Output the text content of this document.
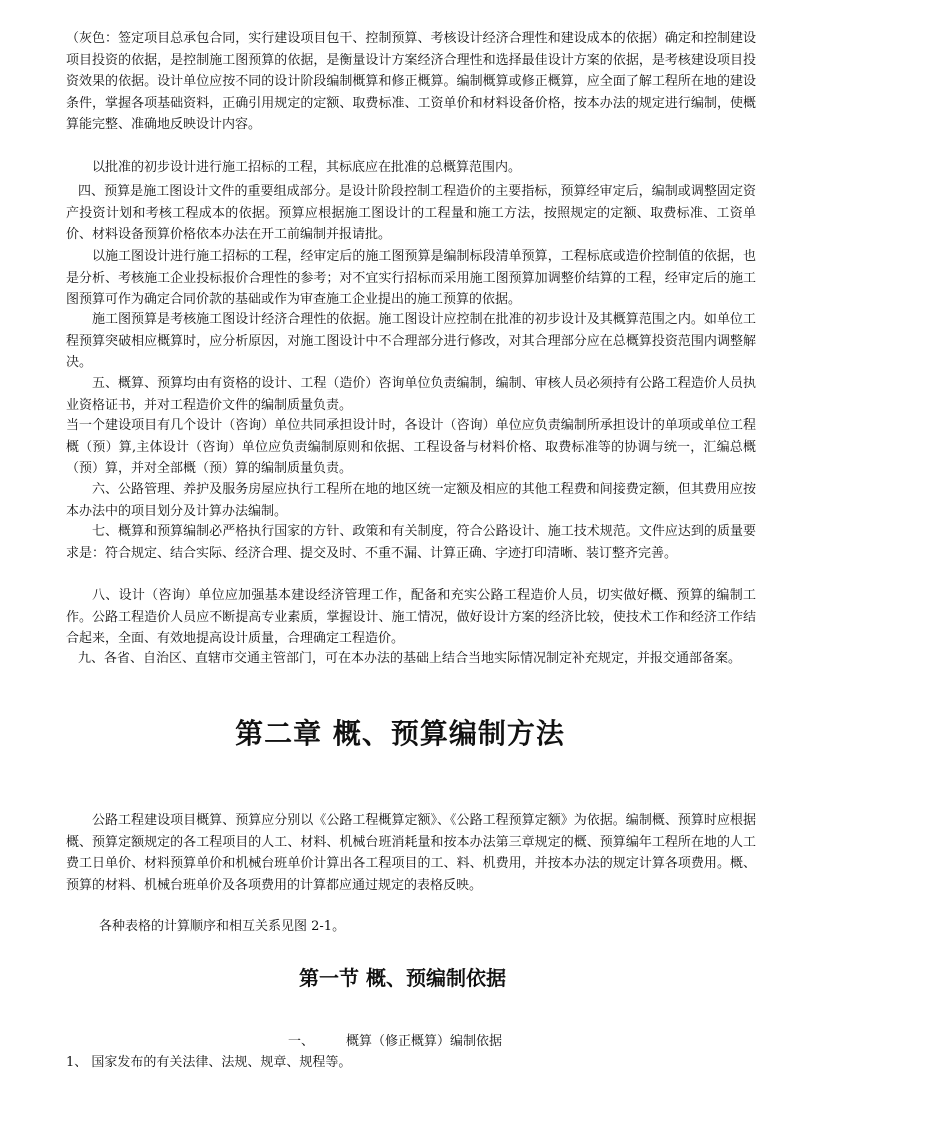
（灰色：签定项目总承包合同，实行建设项目包干、控制预算、考核设计经济合理性和建设成本的依据）确定和控制建设项目投资的依据，是控制施工图预算的依据，是衡量设计方案经济合理性和选择最佳设计方案的依据，是考核建设项目投资效果的依据。设计单位应按不同的设计阶段编制概算和修正概算。编制概算或修正概算，应全面了解工程所在地的建设条件，掌握各项基础资料，正确引用规定的定额、取费标准、工资单价和材料设备价格，按本办法的规定进行编制，使概算能完整、准确地反映设计内容。

以批准的初步设计进行施工招标的工程，其标底应在批准的总概算范围内。

四、预算是施工图设计文件的重要组成部分。是设计阶段控制工程造价的主要指标，预算经审定后，编制或调整固定资产投资计划和考核工程成本的依据。预算应根据施工图设计的工程量和施工方法，按照规定的定额、取费标准、工资单价、材料设备预算价格依本办法在开工前编制并报请批。

以施工图设计进行施工招标的工程，经审定后的施工图预算是编制标段清单预算，工程标底或造价控制值的依据，也是分析、考核施工企业投标报价合理性的参考；对不宜实行招标而采用施工图预算加调整价结算的工程，经审定后的施工图预算可作为确定合同价款的基础或作为审查施工企业提出的施工预算的依据。

施工图预算是考核施工图设计经济合理性的依据。施工图设计应控制在批准的初步设计及其概算范围之内。如单位工程预算突破相应概算时，应分析原因，对施工图设计中不合理部分进行修改，对其合理部分应在总概算投资范围内调整解决。

五、概算、预算均由有资格的设计、工程（造价）咨询单位负责编制，编制、审核人员必须持有公路工程造价人员执业资格证书，并对工程造价文件的编制质量负责。

当一个建设项目有几个设计（咨询）单位共同承担设计时，各设计（咨询）单位应负责编制所承担设计的单项或单位工程概（预）算,主体设计（咨询）单位应负责编制原则和依据、工程设备与材料价格、取费标准等的协调与统一，汇编总概（预）算，并对全部概（预）算的编制质量负责。

六、公路管理、养护及服务房屋应执行工程所在地的地区统一定额及相应的其他工程费和间接费定额，但其费用应按本办法中的项目划分及计算办法编制。

七、概算和预算编制必严格执行国家的方针、政策和有关制度，符合公路设计、施工技术规范。文件应达到的质量要求是：符合规定、结合实际、经济合理、提交及时、不重不漏、计算正确、字迹打印清晰、装订整齐完善。

八、设计（咨询）单位应加强基本建设经济管理工作，配备和充实公路工程造价人员，切实做好概、预算的编制工作。公路工程造价人员应不断提高专业素质，掌握设计、施工情况，做好设计方案的经济比较，使技术工作和经济工作结合起来，全面、有效地提高设计质量，合理确定工程造价。

九、各省、自治区、直辖市交通主管部门，可在本办法的基础上结合当地实际情况制定补充规定，并报交通部备案。

第二章 概、预算编制方法

公路工程建设项目概算、预算应分别以《公路工程概算定额》、《公路工程预算定额》为依据。编制概、预算时应根据概、预算定额规定的各工程项目的人工、材料、机械台班消耗量和按本办法第三章规定的概、预算编年工程所在地的人工费工日单价、材料预算单价和机械台班单价计算出各工程项目的工、料、机费用，并按本办法的规定计算各项费用。概、预算的材料、机械台班单价及各项费用的计算都应通过规定的表格反映。

各种表格的计算顺序和相互关系见图 2-1。

第一节 概、预编制依据
一、 概算（修正概算）编制依据
1、 国家发布的有关法律、法规、规章、规程等。
